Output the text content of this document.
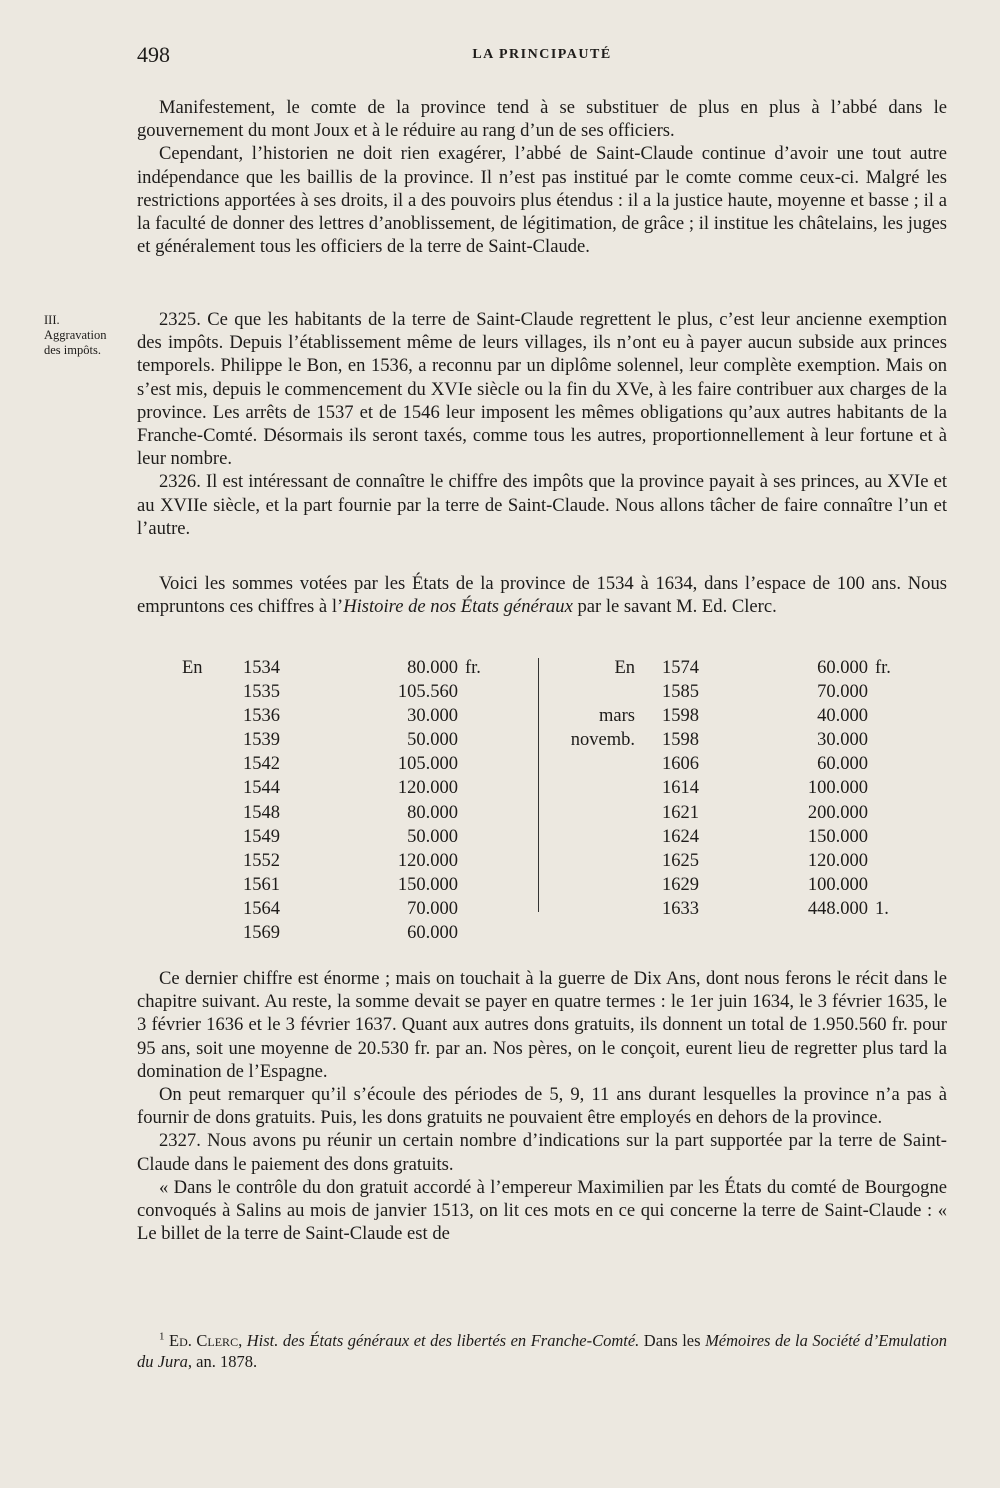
498	LA PRINCIPAUTÉ

Manifestement, le comte de la province tend à se substituer de plus en plus à l’abbé dans le gouvernement du mont Joux et à le réduire au rang d’un de ses officiers.

Cependant, l’historien ne doit rien exagérer, l’abbé de Saint-Claude continue d’avoir une tout autre indépendance que les baillis de la province. Il n’est pas institué par le comte comme ceux-ci. Malgré les restrictions apportées à ses droits, il a des pouvoirs plus étendus : il a la justice haute, moyenne et basse ; il a la faculté de donner des lettres d’anoblissement, de légitimation, de grâce ; il institue les châtelains, les juges et généralement tous les officiers de la terre de Saint-Claude.

III. Aggravation des impôts.

2325. Ce que les habitants de la terre de Saint-Claude regrettent le plus, c’est leur ancienne exemption des impôts. Depuis l’établissement même de leurs villages, ils n’ont eu à payer aucun subside aux princes temporels. Philippe le Bon, en 1536, a reconnu par un diplôme solennel, leur complète exemption. Mais on s’est mis, depuis le commencement du XVIe siècle ou la fin du XVe, à les faire contribuer aux charges de la province. Les arrêts de 1537 et de 1546 leur imposent les mêmes obligations qu’aux autres habitants de la Franche-Comté. Désormais ils seront taxés, comme tous les autres, proportionnellement à leur fortune et à leur nombre.

2326. Il est intéressant de connaître le chiffre des impôts que la province payait à ses princes, au XVIe et au XVIIe siècle, et la part fournie par la terre de Saint-Claude. Nous allons tâcher de faire connaître l’un et l’autre.

Voici les sommes votées par les États de la province de 1534 à 1634, dans l’espace de 100 ans. Nous empruntons ces chiffres à l’Histoire de nos États généraux par le savant M. Ed. Clerc.

En	1534	80.000 fr.
1535	105.560
1536	30.000
1539	50.000
1542	105.000
1544	120.000
1548	80.000
1549	50.000
1552	120.000
1561	150.000
1564	70.000
1569	60.000
En	1574	60.000 fr.
1585	70.000
mars	1598	40.000
novemb.	1598	30.000
1606	60.000
1614	100.000
1621	200.000
1624	150.000
1625	120.000
1629	100.000
1633	448.000 1.

Ce dernier chiffre est énorme ; mais on touchait à la guerre de Dix Ans, dont nous ferons le récit dans le chapitre suivant. Au reste, la somme devait se payer en quatre termes : le 1er juin 1634, le 3 février 1635, le 3 février 1636 et le 3 février 1637. Quant aux autres dons gratuits, ils donnent un total de 1.950.560 fr. pour 95 ans, soit une moyenne de 20.530 fr. par an. Nos pères, on le conçoit, eurent lieu de regretter plus tard la domination de l’Espagne.

On peut remarquer qu’il s’écoule des périodes de 5, 9, 11 ans durant lesquelles la province n’a pas à fournir de dons gratuits. Puis, les dons gratuits ne pouvaient être employés en dehors de la province.

2327. Nous avons pu réunir un certain nombre d’indications sur la part supportée par la terre de Saint-Claude dans le paiement des dons gratuits.

« Dans le contrôle du don gratuit accordé à l’empereur Maximilien par les États du comté de Bourgogne convoqués à Salins au mois de janvier 1513, on lit ces mots en ce qui concerne la terre de Saint-Claude : « Le billet de la terre de Saint-Claude est de

$^1$ Ed. Clerc, Hist. des États généraux et des libertés en Franche-Comté. Dans les Mémoires de la Société d’Emulation du Jura, an. 1878.
